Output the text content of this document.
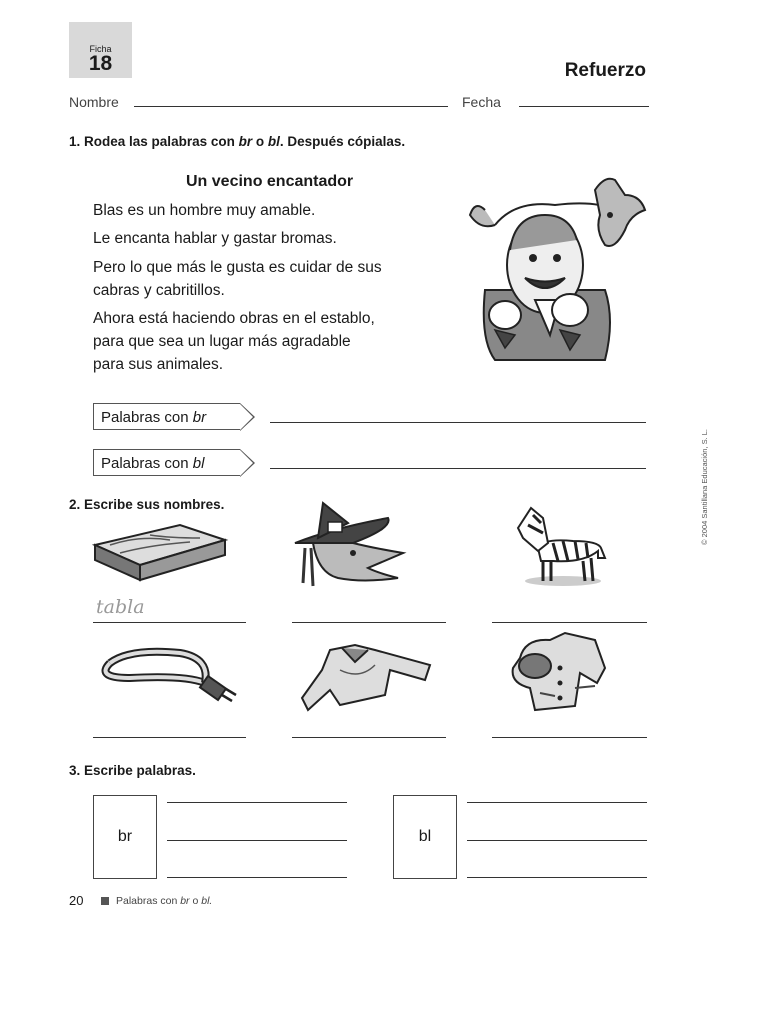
Ficha
18	Refuerzo
Nombre	Fecha
1. Rodea las palabras con br o bl. Después cópialas.
Un vecino encantador

Blas es un hombre muy amable.

Le encanta hablar y gastar bromas.

Pero lo que más le gusta es cuidar de sus

cabras y cabritillos.

Ahora está haciendo obras en el establo,

para que sea un lugar más agradable

para sus animales.

Palabras con br
Palabras con bl	© 2004 Santillana Educación, S. L.
2. Escribe sus nombres.
tabla
3. Escribe palabras.
br	bl
20	Palabras con br o bl.
